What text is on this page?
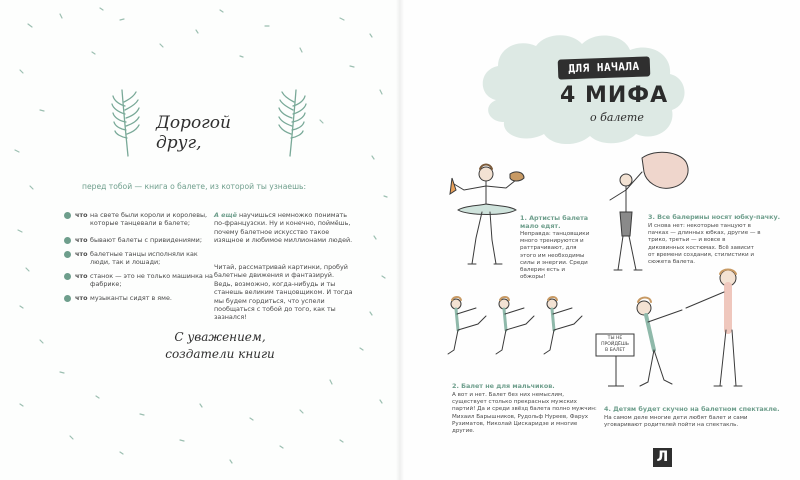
Дорогой друг,
перед тобой — книга о балете, из которой ты узнаешь:
что на свете были короли и королевы, которые танцевали в балете;
что бывают балеты с привидениями;
что балетные танцы исполняли как люди, так и лошади;
что станок — это не только машинка на фабрике;
что музыканты сидят в яме.
А ещё научишься немножко понимать по-французски. Ну и конечно, поймёшь, почему балетное искусство такое изящное и любимое миллионами людей.
Читай, рассматривай картинки, пробуй балетные движения и фантазируй. Ведь, возможно, когда-нибудь и ты станешь великим танцовщиком. И тогда мы будем гордиться, что успели пообщаться с тобой до того, как ты зазнался!
С уважением,
создатели книги
ДЛЯ НАЧАЛА
4 МИФА
о балете
ТЫ НЕ
ПРОЙДЁШЬ
В БАЛЕТ
1. Артисты балета мало едят.
Неправда: танцовщики много тренируются и раттрачивают, для этого им необходимы силы и энергии. Среди балерин есть и обжоры!
3. Все балерины носят юбку-пачку.
И снова нет: некоторые танцуют в пачках — длинных юбках, другие — в трико, третьи — и вовсе в диковинных костюмах. Всё зависит от времени создания, стилистики и сюжета балета.
2. Балет не для мальчиков.
А вот и нет. Балет без них немыслим, существует столько прекрасных мужских партий! Да и среди звёзд балета полно мужчин: Михаил Барышников, Рудольф Нуреев, Фарух Рузиматов, Николай Цискаридзе и многие другие.
4. Детям будет скучно на балетном спектакле.
На самом деле многие дети любят балет и сами уговаривают родителей пойти на спектакль.
Л
